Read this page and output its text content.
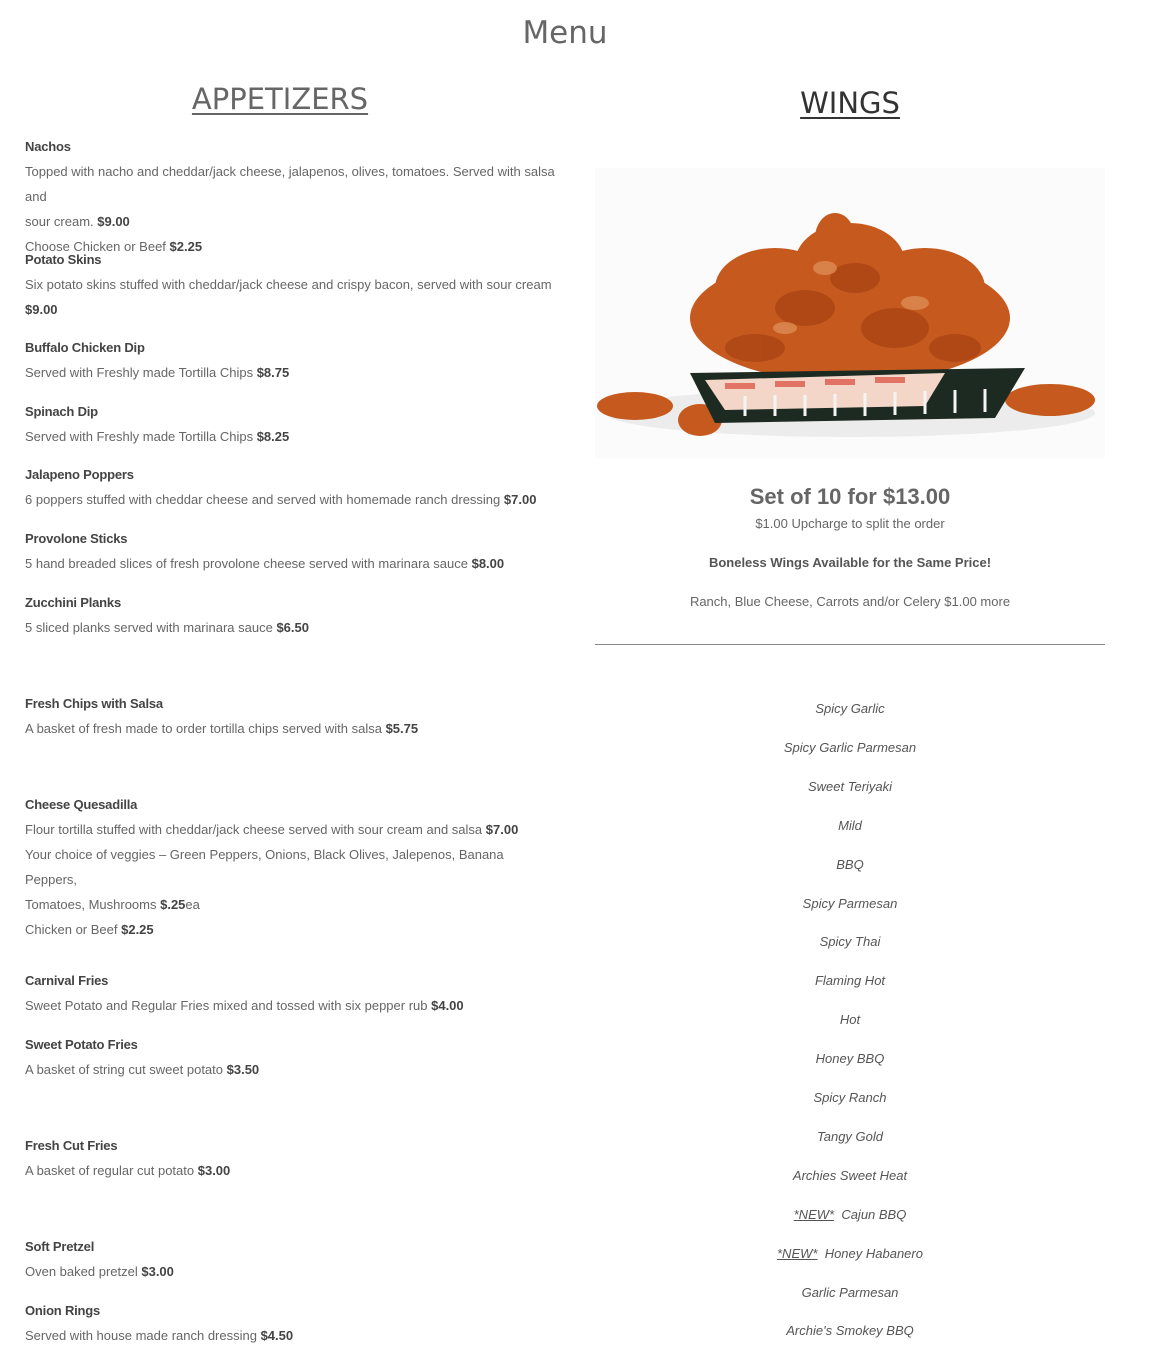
Menu
APPETIZERS
Nachos
Topped with nacho and cheddar/jack cheese, jalapenos, olives, tomatoes. Served with salsa and
sour cream. $9.00
Choose Chicken or Beef $2.25
Potato Skins
Six potato skins stuffed with cheddar/jack cheese and crispy bacon, served with sour cream
$9.00
Buffalo Chicken Dip
Served with Freshly made Tortilla Chips $8.75
Spinach Dip
Served with Freshly made Tortilla Chips $8.25
Jalapeno Poppers
6 poppers stuffed with cheddar cheese and served with homemade ranch dressing $7.00
Provolone Sticks
5 hand breaded slices of fresh provolone cheese served with marinara sauce $8.00
Zucchini Planks
5 sliced planks served with marinara sauce $6.50
Fresh Chips with Salsa
A basket of fresh made to order tortilla chips served with salsa $5.75
Cheese Quesadilla
Flour tortilla stuffed with cheddar/jack cheese served with sour cream and salsa $7.00
Your choice of veggies – Green Peppers, Onions, Black Olives, Jalepenos, Banana Peppers,
Tomatoes, Mushrooms $.25ea
Chicken or Beef $2.25
Carnival Fries
Sweet Potato and Regular Fries mixed and tossed with six pepper rub $4.00
Sweet Potato Fries
A basket of string cut sweet potato $3.50
Fresh Cut Fries
A basket of regular cut potato $3.00
Soft Pretzel
Oven baked pretzel $3.00
Onion Rings
Served with house made ranch dressing $4.50
WINGS
Set of 10 for $13.00
$1.00 Upcharge to split the order
Boneless Wings Available for the Same Price!
Ranch, Blue Cheese, Carrots and/or Celery $1.00 more
Spicy Garlic
Spicy Garlic Parmesan
Sweet Teriyaki
Mild
BBQ
Spicy Parmesan
Spicy Thai
Flaming Hot
Hot
Honey BBQ
Spicy Ranch
Tangy Gold
Archies Sweet Heat
*NEW* Cajun BBQ
*NEW* Honey Habanero
Garlic Parmesan
Archie's Smokey BBQ
